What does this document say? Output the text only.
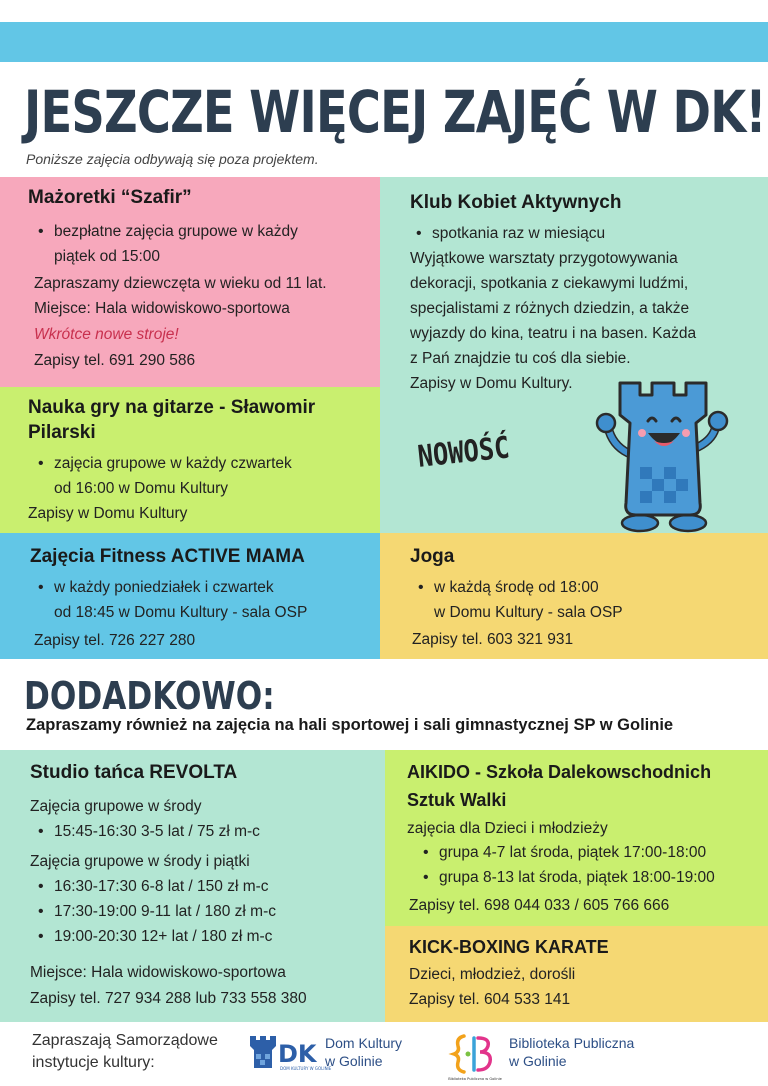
JESZCZE WIĘCEJ ZAJĘĆ W DK!
Poniższe zajęcia odbywają się poza projektem.
Mażoretki “Szafir”
• bezpłatne zajęcia grupowe w każdy
piątek od 15:00
Zapraszamy dziewczęta w wieku od 11 lat.
Miejsce: Hala widowiskowo-sportowa
Wkrótce nowe stroje!
Zapisy tel. 691 290 586
Klub Kobiet Aktywnych
• spotkania raz w miesiącu
Wyjątkowe warsztaty przygotowywania
dekoracji, spotkania z ciekawymi ludźmi,
specjalistami z różnych dziedzin, a także
wyjazdy do kina, teatru i na basen. Każda
z Pań znajdzie tu coś dla siebie.
Zapisy w Domu Kultury.
NOWOŚĆ
Nauka gry na gitarze - Sławomir
Pilarski
• zajęcia grupowe w każdy czwartek
od 16:00 w Domu Kultury
Zapisy w Domu Kultury
Zajęcia Fitness ACTIVE MAMA
• w każdy poniedziałek i czwartek
od 18:45 w Domu Kultury - sala OSP
Zapisy tel. 726 227 280
Joga
• w każdą środę od 18:00
w Domu Kultury - sala OSP
Zapisy tel. 603 321 931
DODADKOWO:
Zapraszamy również na zajęcia na hali sportowej i sali gimnastycznej SP w Golinie
Studio tańca REVOLTA
Zajęcia grupowe w środy
• 15:45-16:30 3-5 lat / 75 zł m-c
Zajęcia grupowe w środy i piątki
• 16:30-17:30 6-8 lat / 150 zł m-c
• 17:30-19:00 9-11 lat / 180 zł m-c
• 19:00-20:30 12+ lat / 180 zł m-c
Miejsce: Hala widowiskowo-sportowa
Zapisy tel. 727 934 288 lub 733 558 380
AIKIDO - Szkoła Dalekowschodnich
Sztuk Walki
zajęcia dla Dzieci i młodzieży
• grupa 4-7 lat środa, piątek 17:00-18:00
• grupa 8-13 lat środa, piątek 18:00-19:00
Zapisy tel. 698 044 033 / 605 766 666
KICK-BOXING KARATE
Dzieci, młodzież, dorośli
Zapisy tel. 604 533 141
Zapraszają Samorządowe
instytucje kultury:	DK
DOM KULTURY W GOLINIE
Dom Kultury
w Golinie
Biblioteka Publiczna w Golinie
Biblioteka Publiczna
w Golinie
